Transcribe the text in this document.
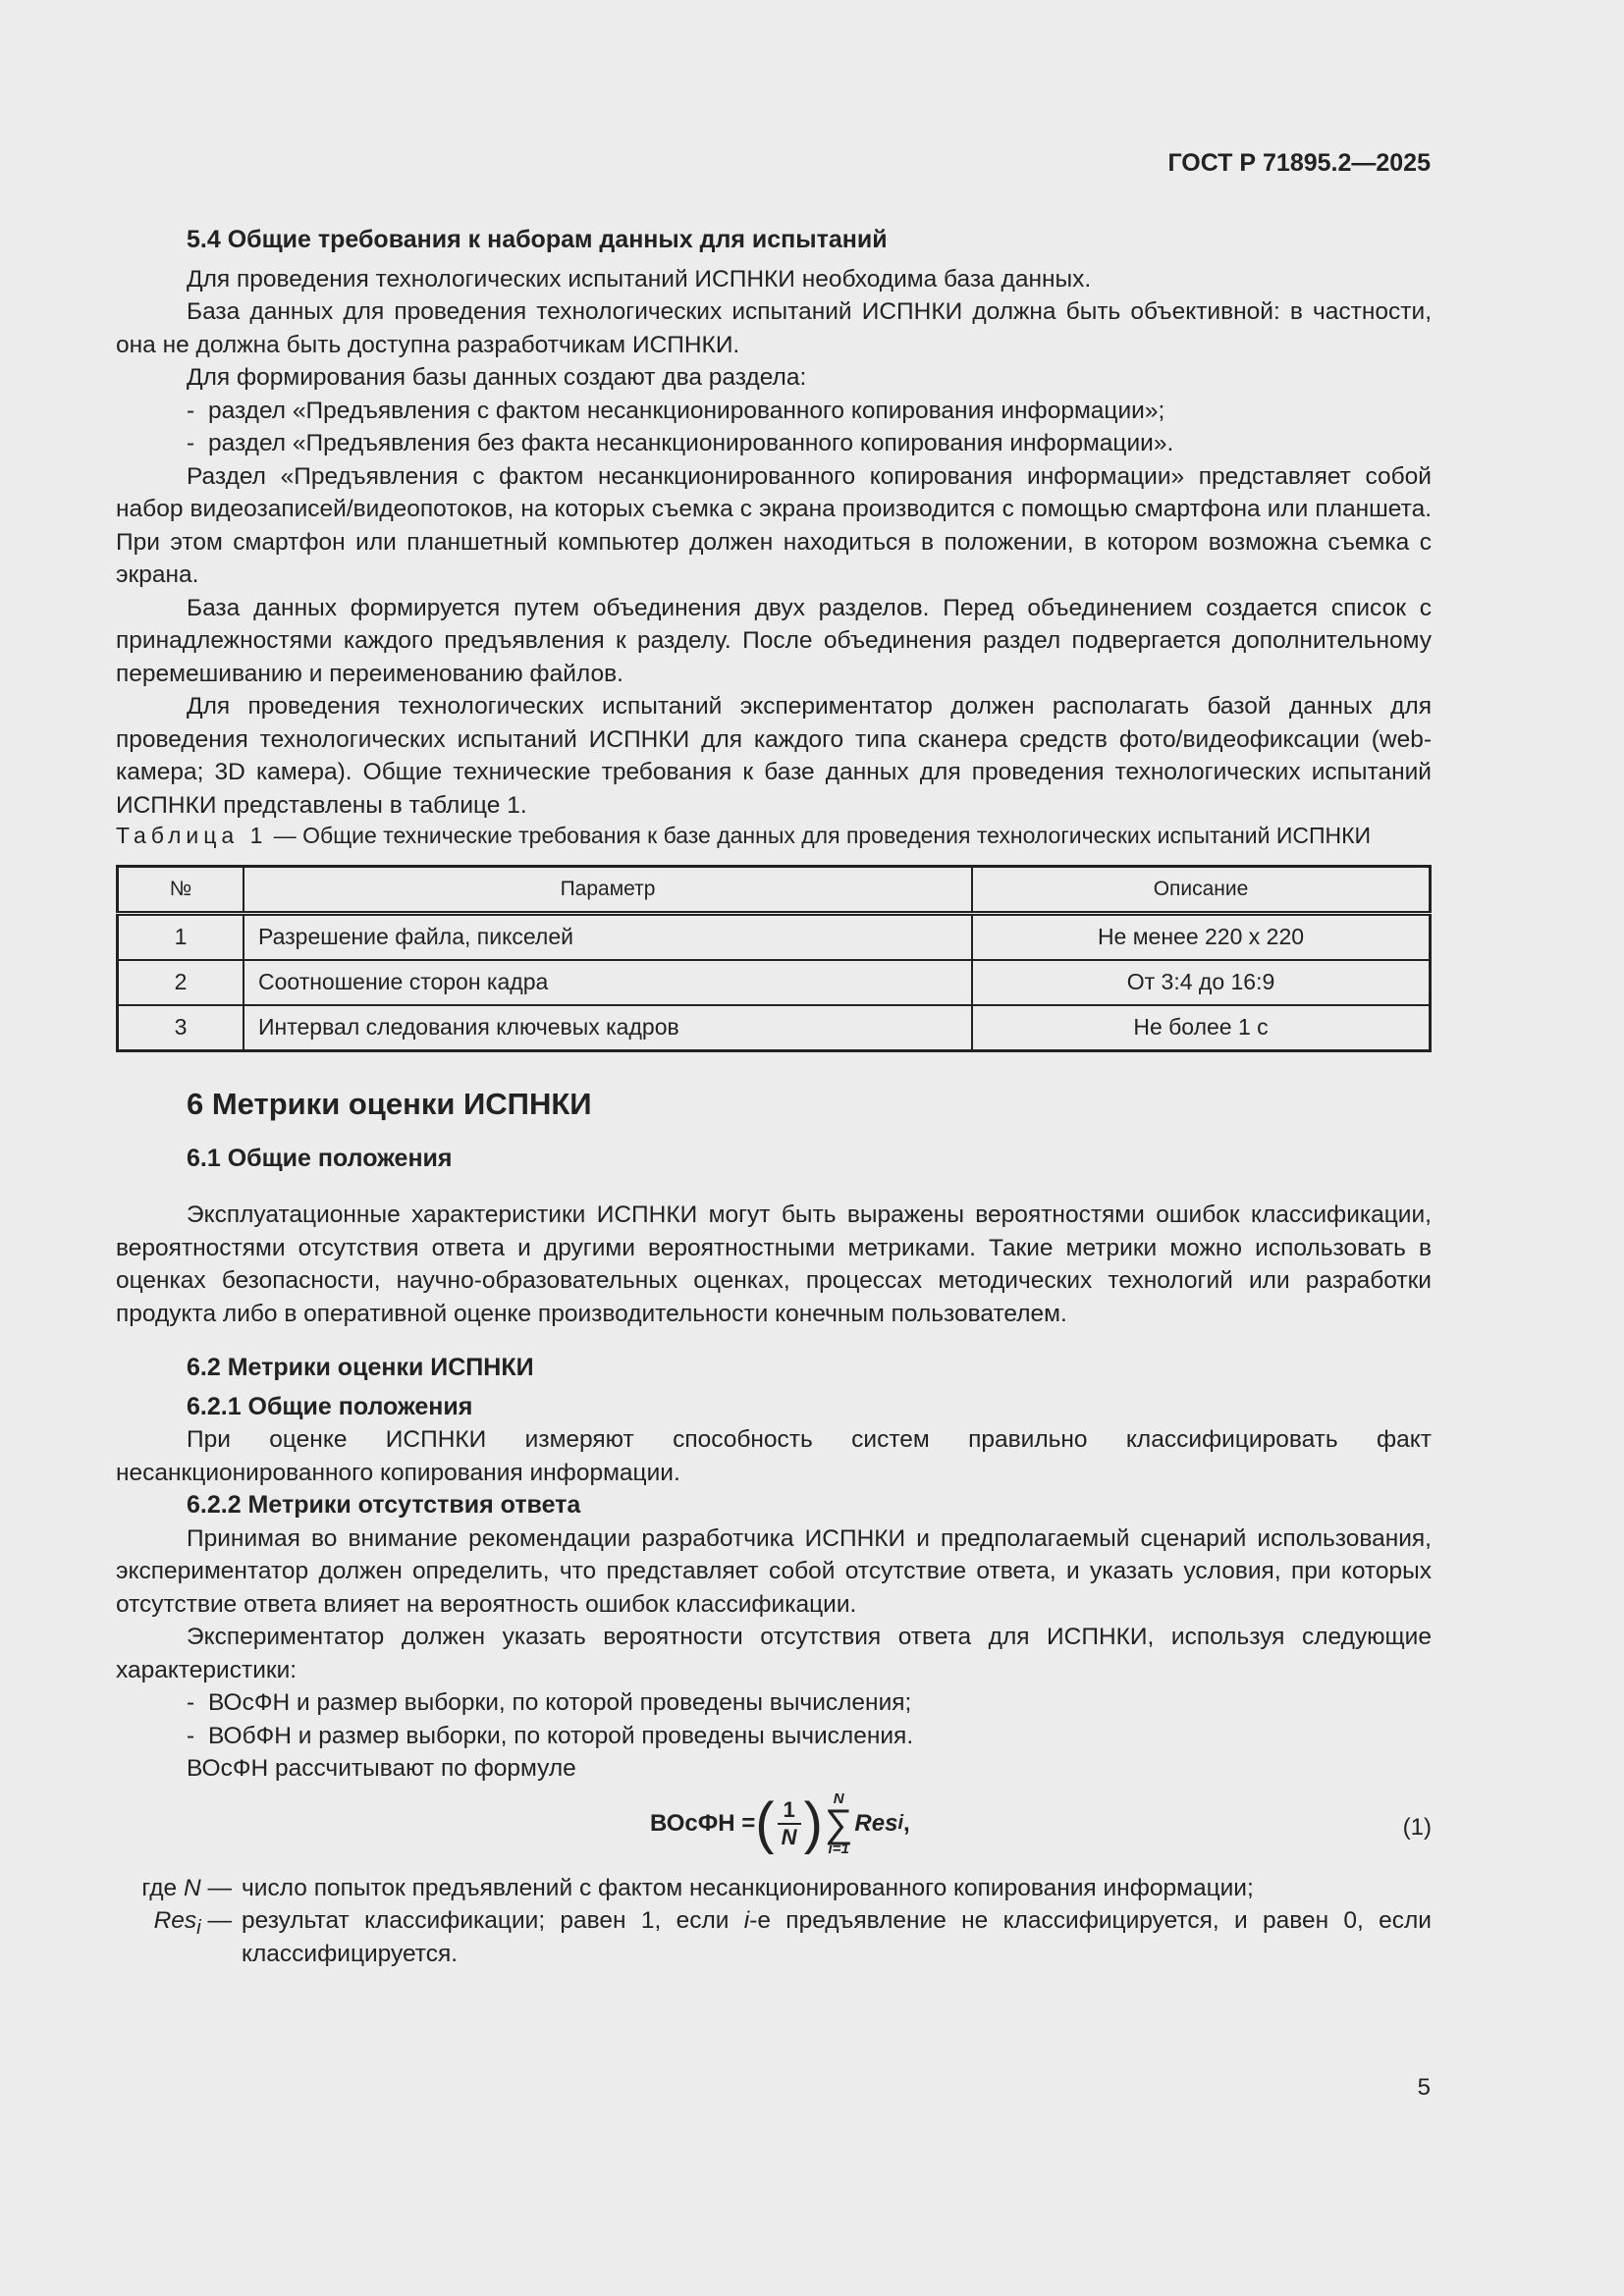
ГОСТ Р 71895.2—2025
5.4 Общие требования к наборам данных для испытаний

Для проведения технологических испытаний ИСПНКИ необходима база данных.

База данных для проведения технологических испытаний ИСПНКИ должна быть объективной: в частности, она не должна быть доступна разработчикам ИСПНКИ.

Для формирования базы данных создают два раздела:

- раздел «Предъявления с фактом несанкционированного копирования информации»;
- раздел «Предъявления без факта несанкционированного копирования информации».

Раздел «Предъявления с фактом несанкционированного копирования информации» представляет собой набор видеозаписей/видеопотоков, на которых съемка с экрана производится с помощью смартфона или планшета. При этом смартфон или планшетный компьютер должен находиться в положении, в котором возможна съемка с экрана.

База данных формируется путем объединения двух разделов. Перед объединением создается список с принадлежностями каждого предъявления к разделу. После объединения раздел подвергается дополнительному перемешиванию и переименованию файлов.

Для проведения технологических испытаний экспериментатор должен располагать базой данных для проведения технологических испытаний ИСПНКИ для каждого типа сканера средств фото/видеофиксации (web-камера; 3D камера). Общие технические требования к базе данных для проведения технологических испытаний ИСПНКИ представлены в таблице 1.

Таблица 1 — Общие технические требования к базе данных для проведения технологических испытаний ИСПНКИ

№	Параметр	Описание
1	Разрешение файла, пикселей	Не менее 220 х 220
2	Соотношение сторон кадра	От 3:4 до 16:9
3	Интервал следования ключевых кадров	Не более 1 с
6 Метрики оценки ИСПНКИ
6.1 Общие положения

Эксплуатационные характеристики ИСПНКИ могут быть выражены вероятностями ошибок классификации, вероятностями отсутствия ответа и другими вероятностными метриками. Такие метрики можно использовать в оценках безопасности, научно-образовательных оценках, процессах методических технологий или разработки продукта либо в оперативной оценке производительности конечным пользователем.

6.2 Метрики оценки ИСПНКИ
6.2.1 Общие положения

При оценке ИСПНКИ измеряют способность систем правильно классифицировать факт несанкционированного копирования информации.

6.2.2 Метрики отсутствия ответа

Принимая во внимание рекомендации разработчика ИСПНКИ и предполагаемый сценарий использования, экспериментатор должен определить, что представляет собой отсутствие ответа, и указать условия, при которых отсутствие ответа влияет на вероятность ошибок классификации.

Экспериментатор должен указать вероятности отсутствия ответа для ИСПНКИ, используя следующие характеристики:

- ВОсФН и размер выборки, по которой проведены вычисления;
- ВОбФН и размер выборки, по которой проведены вычисления.

ВОсФН рассчитывают по формуле

ВОсФН = ( $\frac{1}{N}$ ) N
∑
i=1
Res i ,	(1)
где N — число попыток предъявлений с фактом несанкционированного копирования информации;
Res$_i$ — результат классификации; равен 1, если i-е предъявление не классифицируется, и равен 0, если классифицируется.
5
